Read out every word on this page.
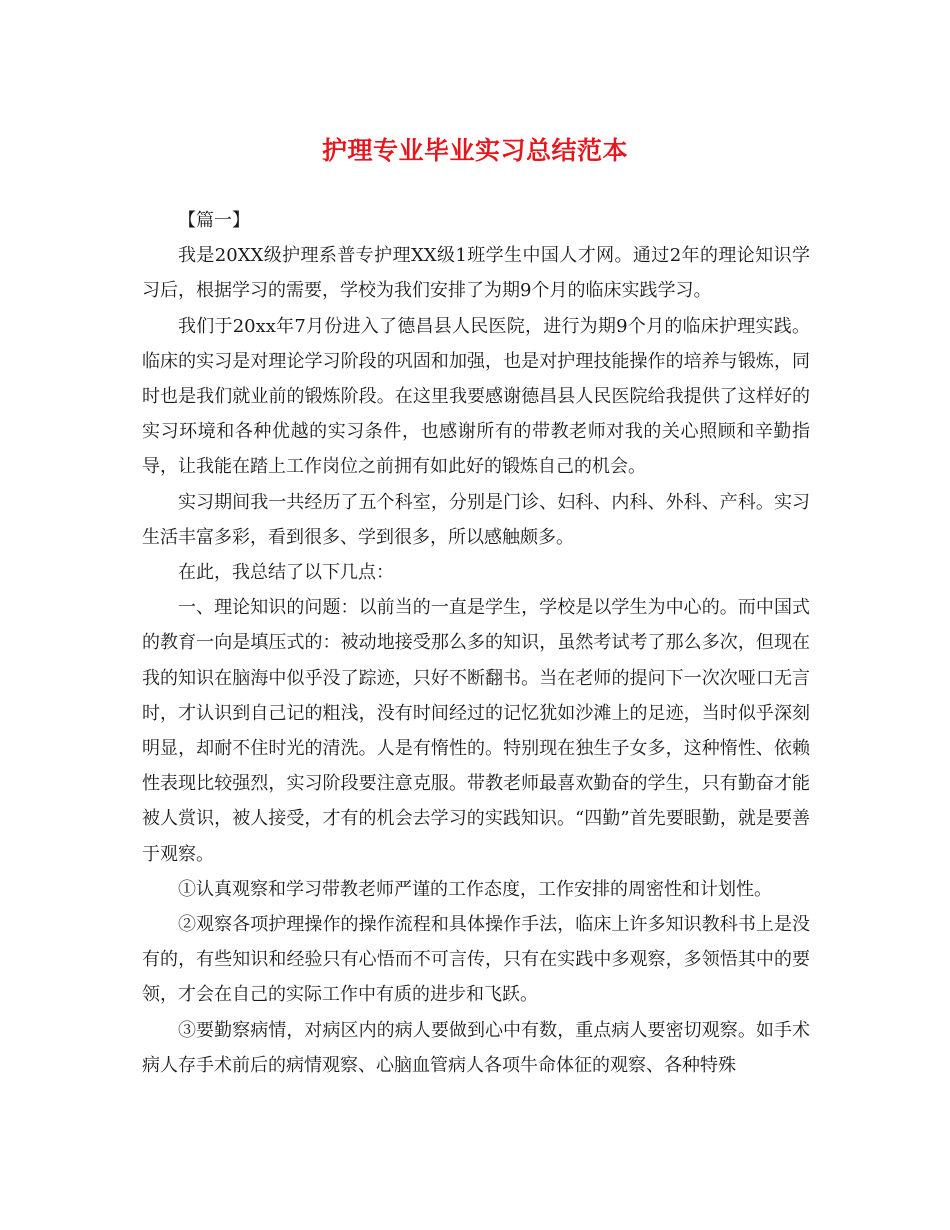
护理专业毕业实习总结范本

【篇一】

我是20XX级护理系普专护理XX级1班学生中国人才网。通过2年的理论知识学习后，根据学习的需要，学校为我们安排了为期9个月的临床实践学习。

我们于20xx年7月份进入了德昌县人民医院，进行为期9个月的临床护理实践。临床的实习是对理论学习阶段的巩固和加强，也是对护理技能操作的培养与锻炼，同时也是我们就业前的锻炼阶段。在这里我要感谢德昌县人民医院给我提供了这样好的实习环境和各种优越的实习条件，也感谢所有的带教老师对我的关心照顾和辛勤指导，让我能在踏上工作岗位之前拥有如此好的锻炼自己的机会。

实习期间我一共经历了五个科室，分别是门诊、妇科、内科、外科、产科。实习生活丰富多彩，看到很多、学到很多，所以感触颇多。

在此，我总结了以下几点：

一、理论知识的问题：以前当的一直是学生，学校是以学生为中心的。而中国式的教育一向是填压式的：被动地接受那么多的知识，虽然考试考了那么多次，但现在我的知识在脑海中似乎没了踪迹，只好不断翻书。当在老师的提问下一次次哑口无言时，才认识到自己记的粗浅，没有时间经过的记忆犹如沙滩上的足迹，当时似乎深刻明显，却耐不住时光的清洗。人是有惰性的。特别现在独生子女多，这种惰性、依赖性表现比较强烈，实习阶段要注意克服。带教老师最喜欢勤奋的学生，只有勤奋才能被人赏识，被人接受，才有的机会去学习的实践知识。“四勤”首先要眼勤，就是要善于观察。

①认真观察和学习带教老师严谨的工作态度，工作安排的周密性和计划性。

②观察各项护理操作的操作流程和具体操作手法，临床上许多知识教科书上是没有的，有些知识和经验只有心悟而不可言传，只有在实践中多观察，多领悟其中的要领，才会在自己的实际工作中有质的进步和飞跃。

③要勤察病情，对病区内的病人要做到心中有数，重点病人要密切观察。如手术病人存手术前后的病情观察、心脑血管病人各项牛命体征的观察、各种特殊
